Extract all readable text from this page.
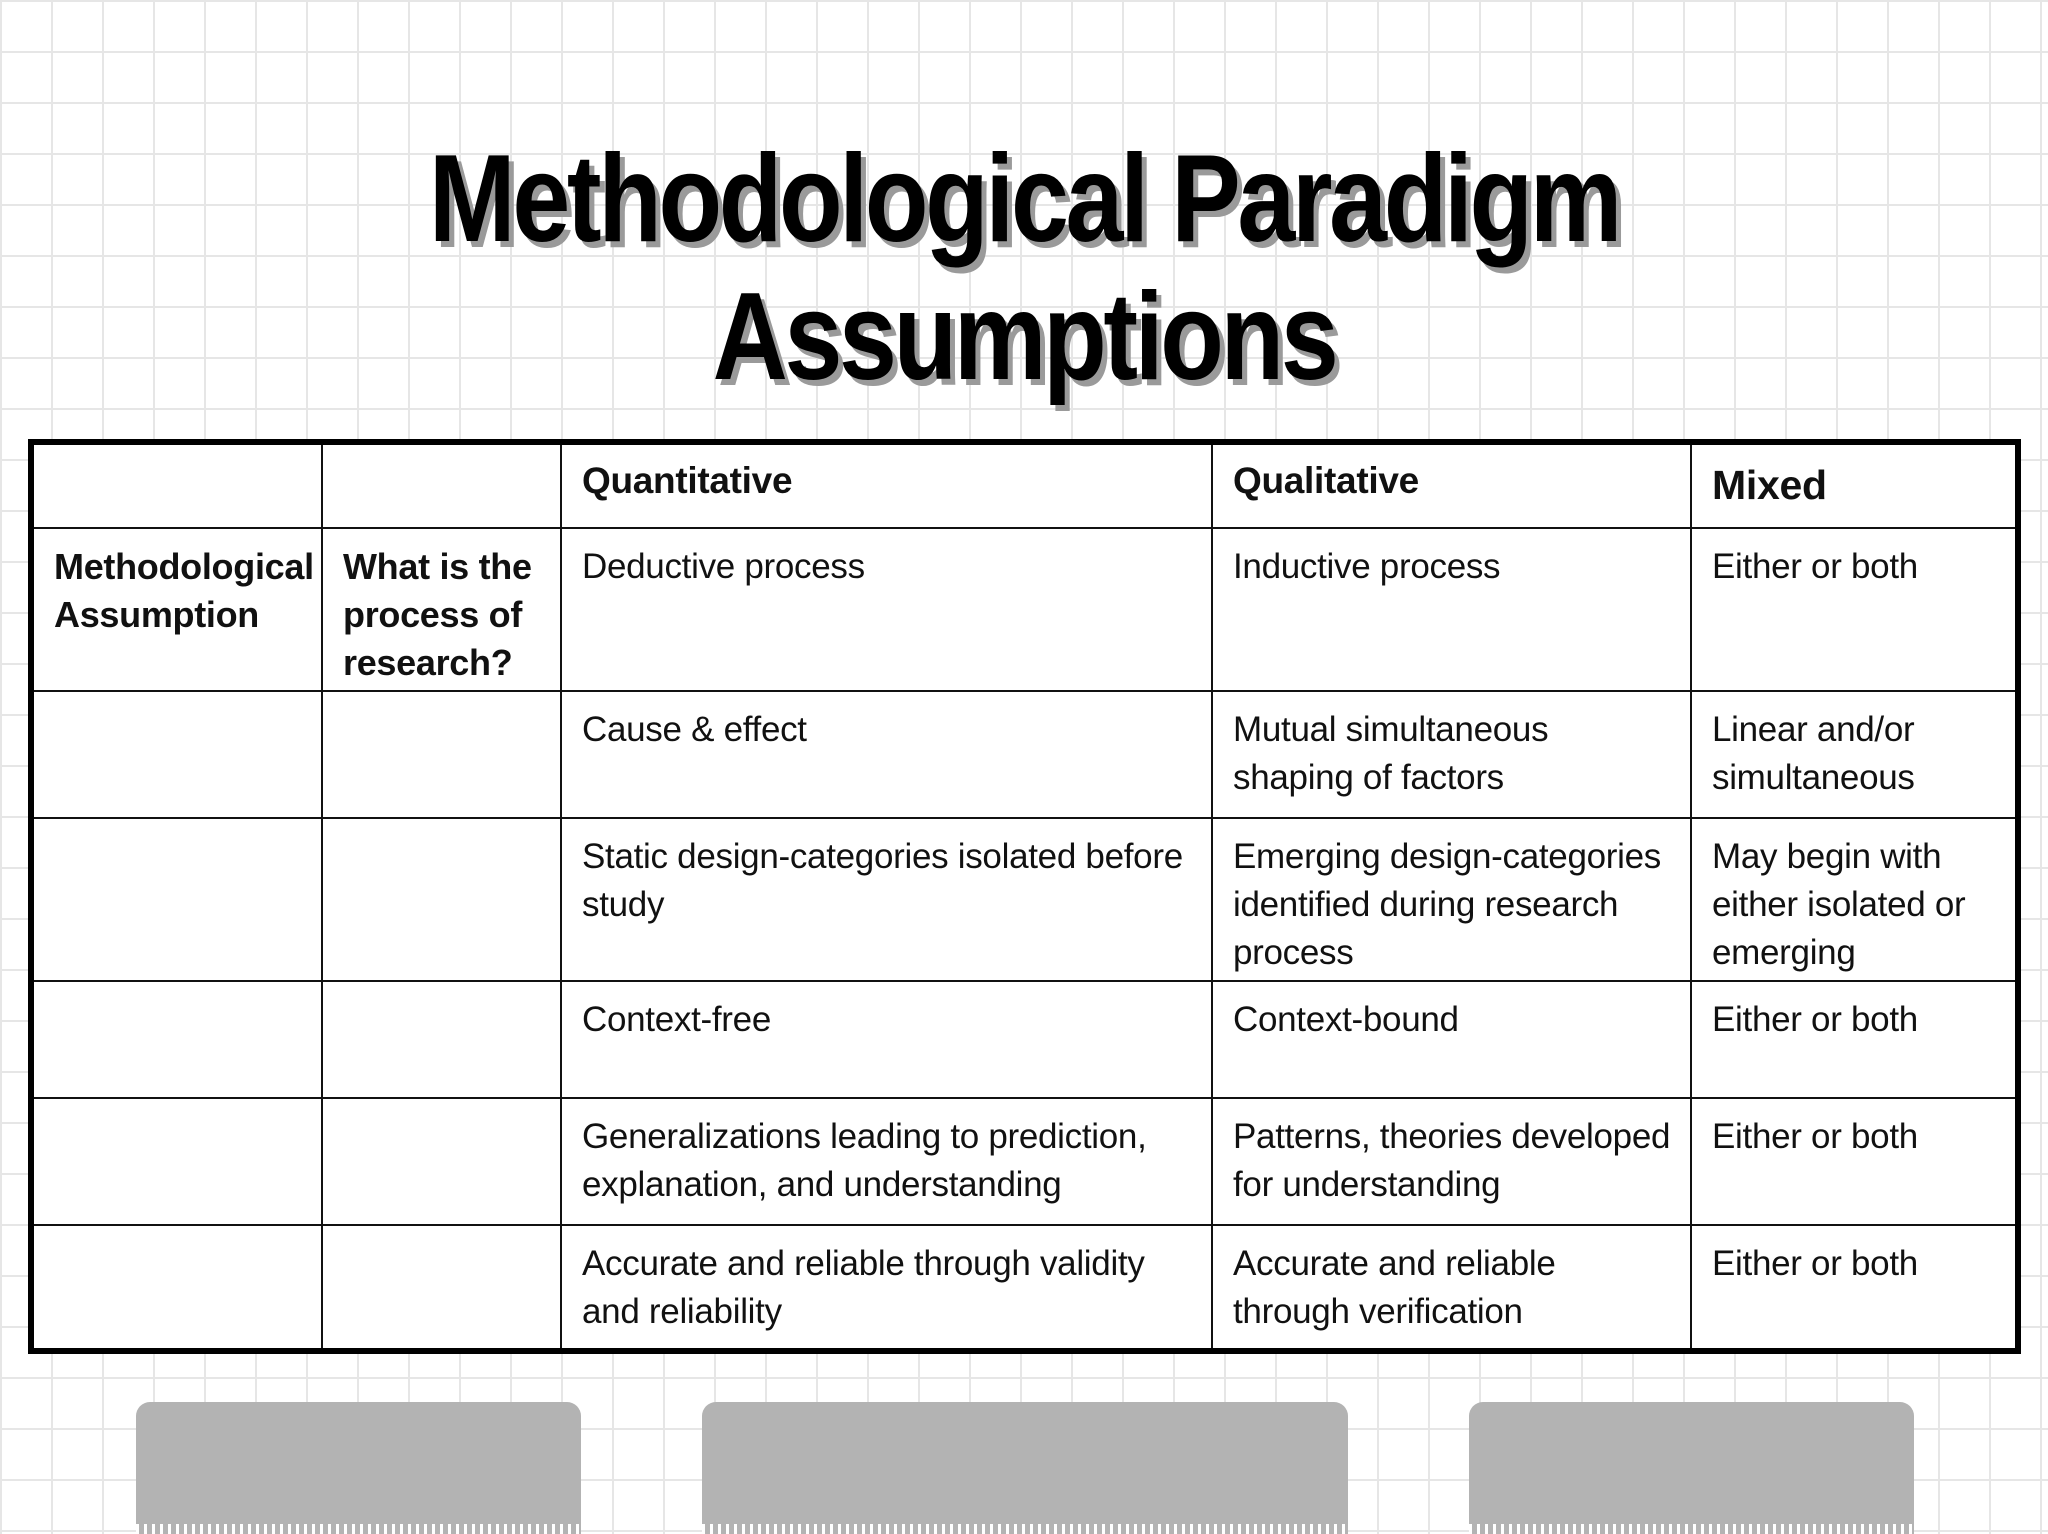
Methodological Paradigm
Assumptions
		Quantitative	Qualitative	Mixed
Methodological Assumption	What is the process of research?	Deductive process	Inductive process	Either or both
		Cause & effect	Mutual simultaneous shaping of factors	Linear and/or simultaneous
		Static design-categories isolated before study	Emerging design-categories identified during research process	May begin with either isolated or emerging
		Context-free	Context-bound	Either or both
		Generalizations leading to prediction, explanation, and understanding	Patterns, theories developed for understanding	Either or both
		Accurate and reliable through validity and reliability	Accurate and reliable through verification	Either or both
